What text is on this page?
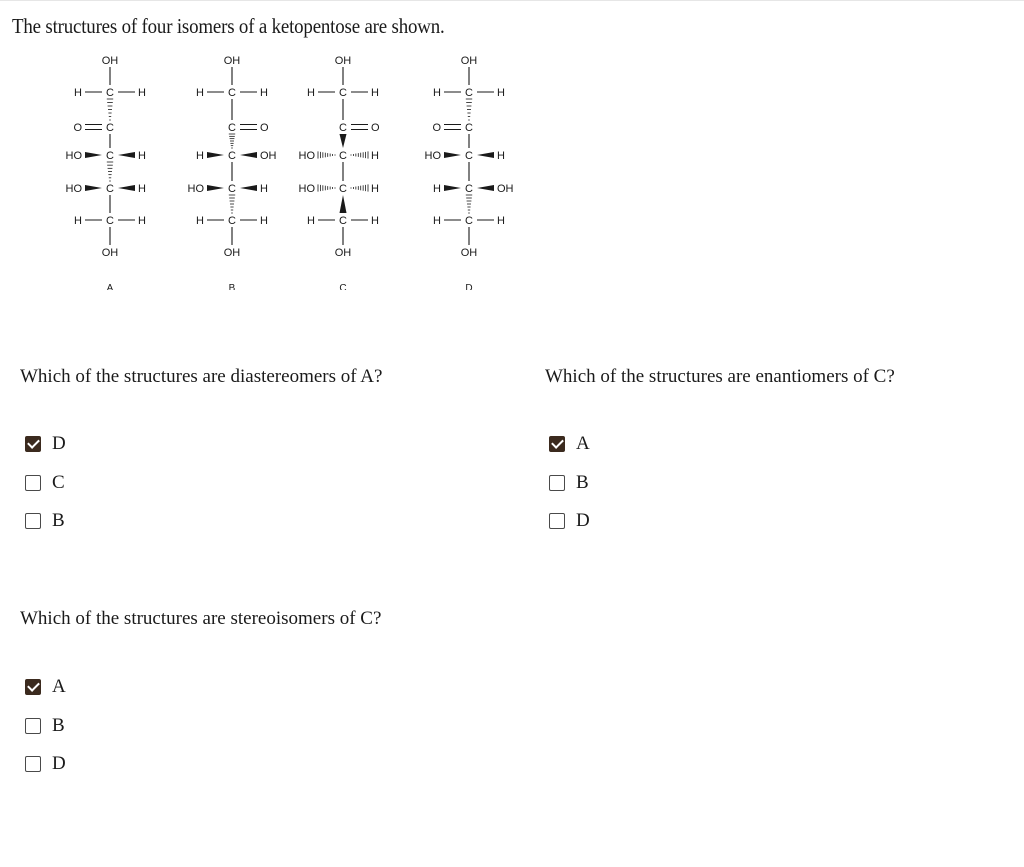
The structures of four isomers of a ketopentose are shown.
OH
OH
C
C
C
C
C
H	H
H	H
O
HO	H
HO	H
A
OH
OH
C
C
C
C
C
H	H
H	H
O
H	OH
HO	H
B
OH
OH
C
C
C
C
C
H	H
H	H
O
HO	H
HO	H
C
OH
OH
C
C
C
C
C
H	H
H	H
O
HO	H
H	OH
D
Which of the structures are diastereomers of A?
D
C
B
Which of the structures are enantiomers of C?
A
B
D
Which of the structures are stereoisomers of C?
A
B
D
